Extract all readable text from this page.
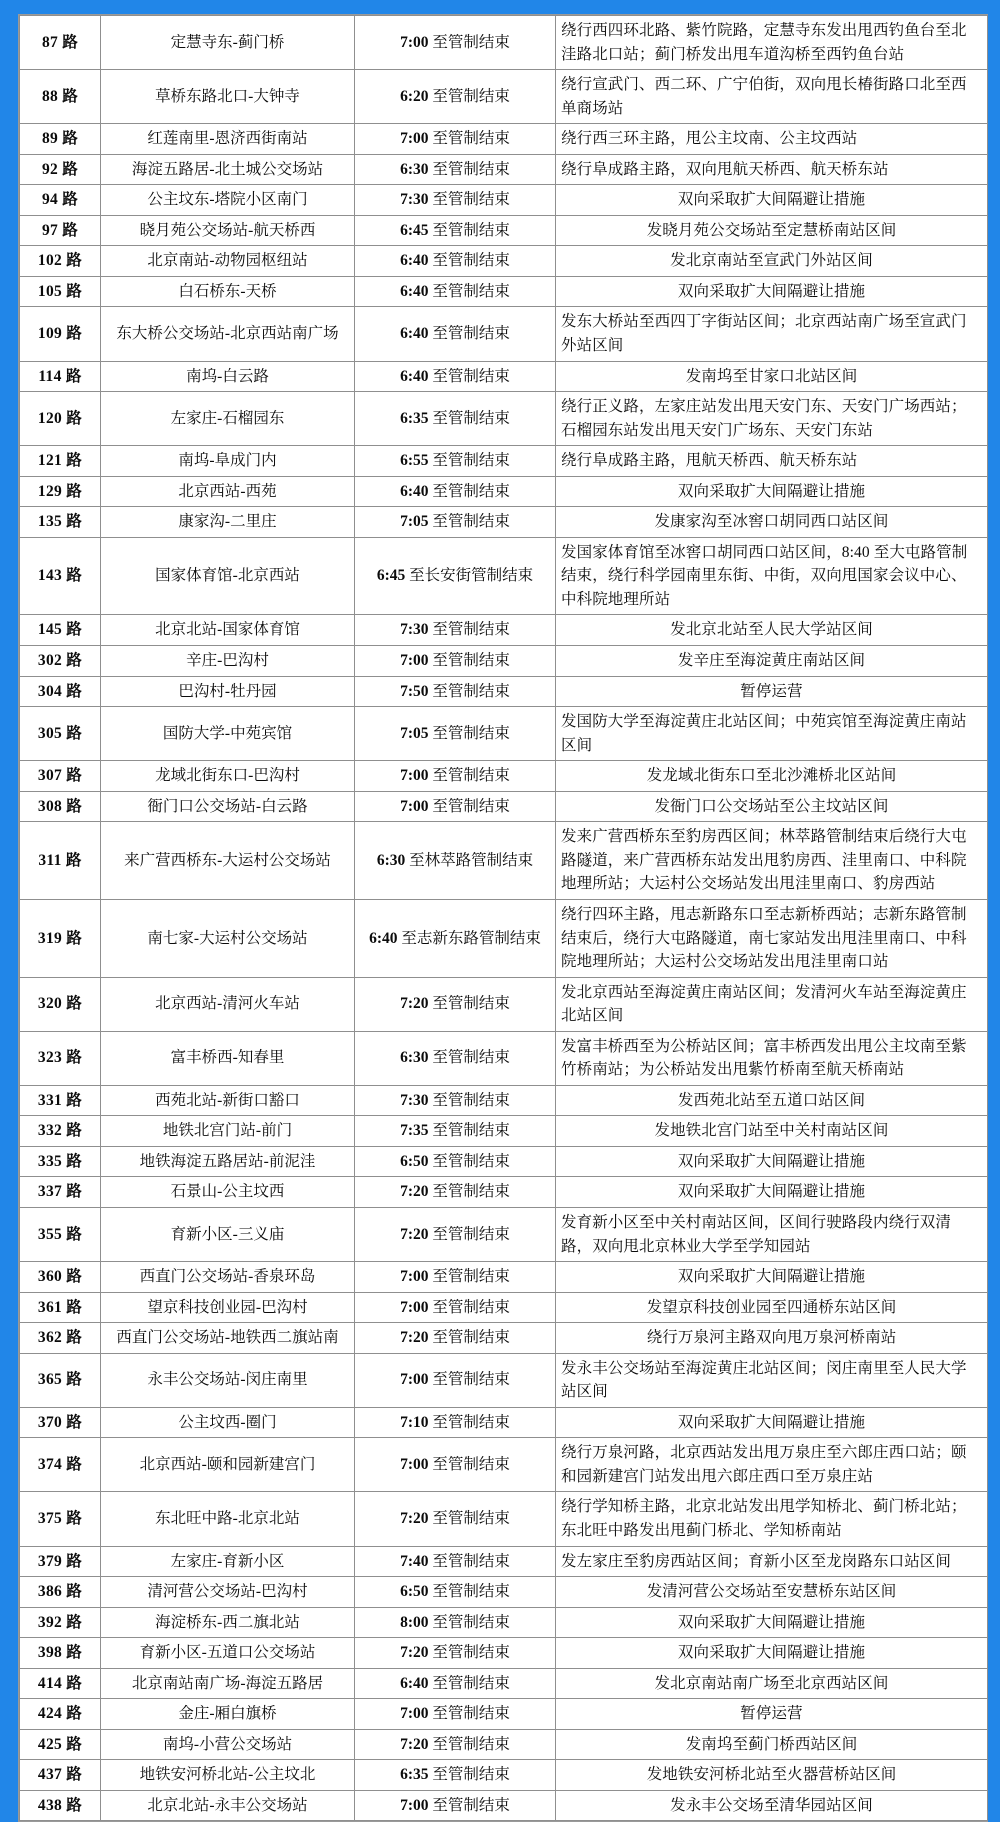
87 路	定慧寺东-蓟门桥	7:00 至管制结束	绕行西四环北路、紫竹院路，定慧寺东发出甩西钓鱼台至北洼路北口站；蓟门桥发出甩车道沟桥至西钓鱼台站
88 路	草桥东路北口-大钟寺	6:20 至管制结束	绕行宣武门、西二环、广宁伯街，双向甩长椿街路口北至西单商场站
89 路	红莲南里-恩济西街南站	7:00 至管制结束	绕行西三环主路，甩公主坟南、公主坟西站
92 路	海淀五路居-北土城公交场站	6:30 至管制结束	绕行阜成路主路，双向甩航天桥西、航天桥东站
94 路	公主坟东-塔院小区南门	7:30 至管制结束	双向采取扩大间隔避让措施
97 路	晓月苑公交场站-航天桥西	6:45 至管制结束	发晓月苑公交场站至定慧桥南站区间
102 路	北京南站-动物园枢纽站	6:40 至管制结束	发北京南站至宣武门外站区间
105 路	白石桥东-天桥	6:40 至管制结束	双向采取扩大间隔避让措施
109 路	东大桥公交场站-北京西站南广场	6:40 至管制结束	发东大桥站至西四丁字街站区间；北京西站南广场至宣武门外站区间
114 路	南坞-白云路	6:40 至管制结束	发南坞至甘家口北站区间
120 路	左家庄-石榴园东	6:35 至管制结束	绕行正义路，左家庄站发出甩天安门东、天安门广场西站；石榴园东站发出甩天安门广场东、天安门东站
121 路	南坞-阜成门内	6:55 至管制结束	绕行阜成路主路，甩航天桥西、航天桥东站
129 路	北京西站-西苑	6:40 至管制结束	双向采取扩大间隔避让措施
135 路	康家沟-二里庄	7:05 至管制结束	发康家沟至冰窖口胡同西口站区间
143 路	国家体育馆-北京西站	6:45 至长安街管制结束	发国家体育馆至冰窖口胡同西口站区间，8:40 至大屯路管制结束，绕行科学园南里东街、中街，双向甩国家会议中心、中科院地理所站
145 路	北京北站-国家体育馆	7:30 至管制结束	发北京北站至人民大学站区间
302 路	辛庄-巴沟村	7:00 至管制结束	发辛庄至海淀黄庄南站区间
304 路	巴沟村-牡丹园	7:50 至管制结束	暂停运营
305 路	国防大学-中苑宾馆	7:05 至管制结束	发国防大学至海淀黄庄北站区间；中苑宾馆至海淀黄庄南站区间
307 路	龙域北街东口-巴沟村	7:00 至管制结束	发龙域北街东口至北沙滩桥北区站间
308 路	衙门口公交场站-白云路	7:00 至管制结束	发衙门口公交场站至公主坟站区间
311 路	来广营西桥东-大运村公交场站	6:30 至林萃路管制结束	发来广营西桥东至豹房西区间；林萃路管制结束后绕行大屯路隧道，来广营西桥东站发出甩豹房西、洼里南口、中科院地理所站；大运村公交场站发出甩洼里南口、豹房西站
319 路	南七家-大运村公交场站	6:40 至志新东路管制结束	绕行四环主路，甩志新路东口至志新桥西站；志新东路管制结束后，绕行大屯路隧道，南七家站发出甩洼里南口、中科院地理所站；大运村公交场站发出甩洼里南口站
320 路	北京西站-清河火车站	7:20 至管制结束	发北京西站至海淀黄庄南站区间；发清河火车站至海淀黄庄北站区间
323 路	富丰桥西-知春里	6:30 至管制结束	发富丰桥西至为公桥站区间；富丰桥西发出甩公主坟南至紫竹桥南站；为公桥站发出甩紫竹桥南至航天桥南站
331 路	西苑北站-新街口豁口	7:30 至管制结束	发西苑北站至五道口站区间
332 路	地铁北宫门站-前门	7:35 至管制结束	发地铁北宫门站至中关村南站区间
335 路	地铁海淀五路居站-前泥洼	6:50 至管制结束	双向采取扩大间隔避让措施
337 路	石景山-公主坟西	7:20 至管制结束	双向采取扩大间隔避让措施
355 路	育新小区-三义庙	7:20 至管制结束	发育新小区至中关村南站区间，区间行驶路段内绕行双清路，双向甩北京林业大学至学知园站
360 路	西直门公交场站-香泉环岛	7:00 至管制结束	双向采取扩大间隔避让措施
361 路	望京科技创业园-巴沟村	7:00 至管制结束	发望京科技创业园至四通桥东站区间
362 路	西直门公交场站-地铁西二旗站南	7:20 至管制结束	绕行万泉河主路双向甩万泉河桥南站
365 路	永丰公交场站-闵庄南里	7:00 至管制结束	发永丰公交场站至海淀黄庄北站区间；闵庄南里至人民大学站区间
370 路	公主坟西-圈门	7:10 至管制结束	双向采取扩大间隔避让措施
374 路	北京西站-颐和园新建宫门	7:00 至管制结束	绕行万泉河路，北京西站发出甩万泉庄至六郎庄西口站；颐和园新建宫门站发出甩六郎庄西口至万泉庄站
375 路	东北旺中路-北京北站	7:20 至管制结束	绕行学知桥主路，北京北站发出甩学知桥北、蓟门桥北站；东北旺中路发出甩蓟门桥北、学知桥南站
379 路	左家庄-育新小区	7:40 至管制结束	发左家庄至豹房西站区间；育新小区至龙岗路东口站区间
386 路	清河营公交场站-巴沟村	6:50 至管制结束	发清河营公交场站至安慧桥东站区间
392 路	海淀桥东-西二旗北站	8:00 至管制结束	双向采取扩大间隔避让措施
398 路	育新小区-五道口公交场站	7:20 至管制结束	双向采取扩大间隔避让措施
414 路	北京南站南广场-海淀五路居	6:40 至管制结束	发北京南站南广场至北京西站区间
424 路	金庄-厢白旗桥	7:00 至管制结束	暂停运营
425 路	南坞-小营公交场站	7:20 至管制结束	发南坞至蓟门桥西站区间
437 路	地铁安河桥北站-公主坟北	6:35 至管制结束	发地铁安河桥北站至火器营桥站区间
438 路	北京北站-永丰公交场站	7:00 至管制结束	发永丰公交场至清华园站区间
